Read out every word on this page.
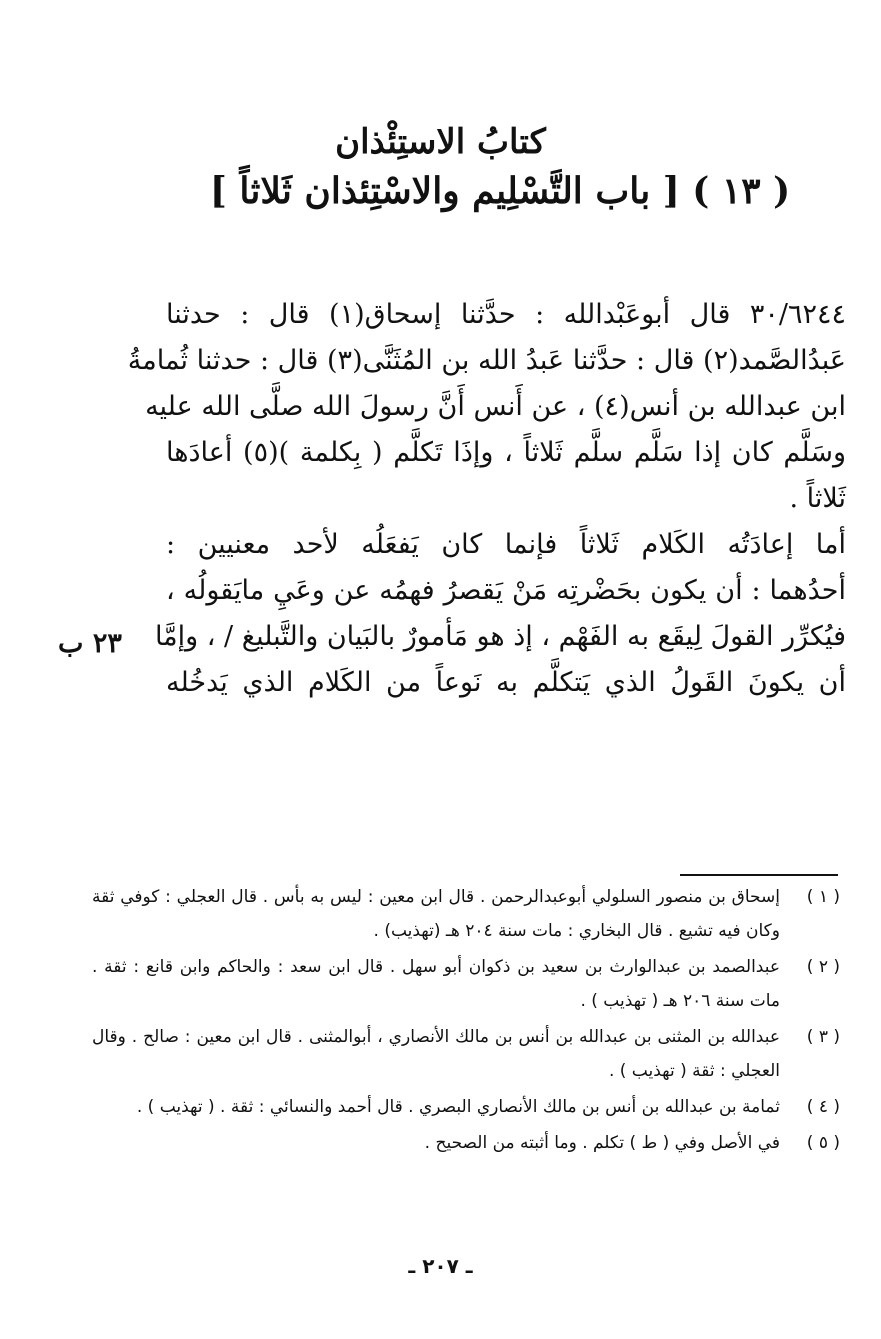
كتابُ الاستِئْذان
( ١٣ ) [ باب التَّسْلِيم والاسْتِئذان ثَلاثاً ]
٣٠/٦٢٤٤ قال أبوعَبْدالله : حدَّثنا إسحاق(١) قال : حدثنا
عَبدُالصَّمد(٢) قال : حدَّثنا عَبدُ الله بن المُثَنَّى(٣) قال : حدثنا ثُمامةُ
ابن عبدالله بن أنس(٤) ، عن أَنس أَنَّ رسولَ الله صلَّى الله عليه
وسَلَّم كان إذا سَلَّم سلَّم ثَلاثاً ، وإذَا تَكلَّم ( بِكلمة )(٥) أعادَها
ثَلاثاً .
أما إعادَتُه الكَلام ثَلاثاً فإنما كان يَفعَلُه لأحد معنيين :
أحدُهما : أن يكون بحَضْرتِه مَنْ يَقصرُ فهمُه عن وعَيِ مايَقولُه ،
فيُكرِّر القولَ لِيقَع به الفَهْم ، إذ هو مَأمورٌ بالبَيان والتَّبليغ / ، وإمَّا
أن يكونَ القَولُ الذي يَتكلَّم به نَوعاً من الكَلام الذي يَدخُله
٢٣ ب
( ١ )
إسحاق بن منصور السلولي أبوعبدالرحمن . قال ابن معين : ليس به بأس . قال العجلي : كوفي ثقة وكان فيه تشيع . قال البخاري : مات سنة ٢٠٤ هـ (تهذيب) .
( ٢ )
عبدالصمد بن عبدالوارث بن سعيد بن ذكوان أبو سهل . قال ابن سعد : والحاكم وابن قانع : ثقة . مات سنة ٢٠٦ هـ ( تهذيب ) .
( ٣ )
عبدالله بن المثنى بن عبدالله بن أنس بن مالك الأنصاري ، أبوالمثنى . قال ابن معين : صالح . وقال العجلي : ثقة ( تهذيب ) .
( ٤ )
ثمامة بن عبدالله بن أنس بن مالك الأنصاري البصري . قال أحمد والنسائي : ثقة . ( تهذيب ) .
( ٥ )
في الأصل وفي ( ط ) تكلم . وما أثبته من الصحيح .
ـ ٢٠٧ ـ
